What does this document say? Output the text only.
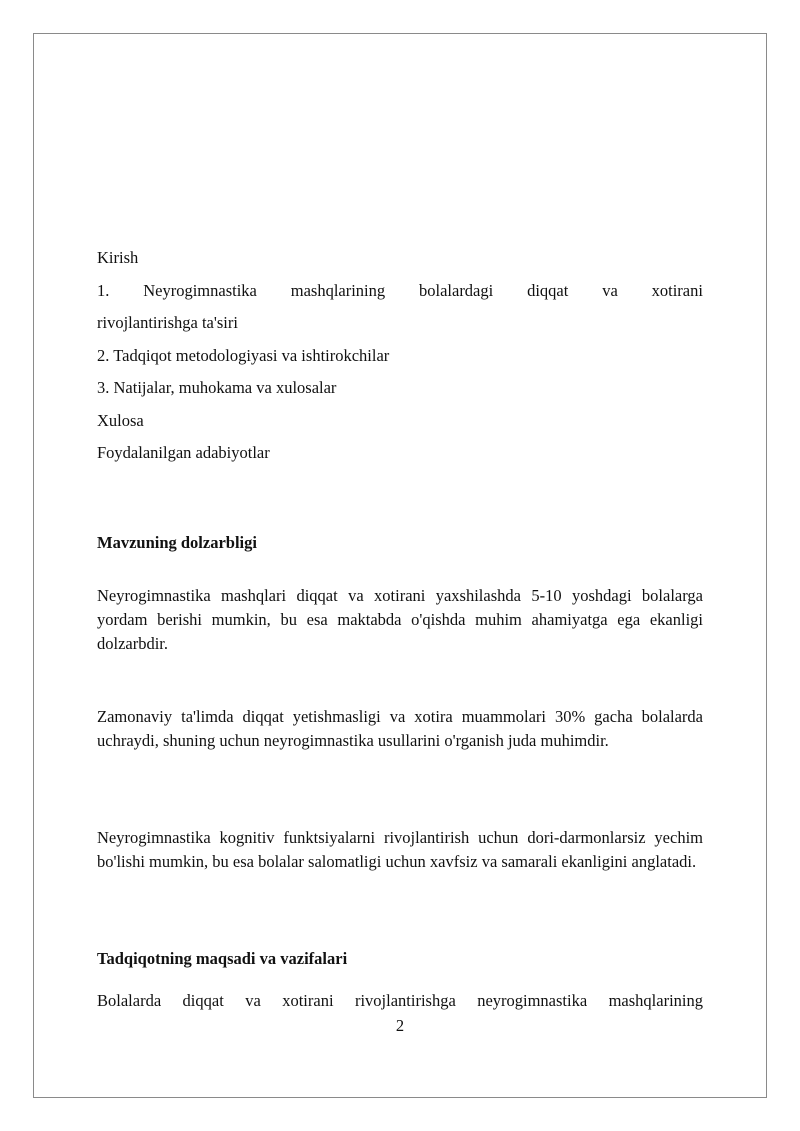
Kirish
1. Neyrogimnastika mashqlarining bolalardagi diqqat va xotirani
rivojlantirishga ta'siri
2. Tadqiqot metodologiyasi va ishtirokchilar
3. Natijalar, muhokama va xulosalar
Xulosa
Foydalanilgan adabiyotlar
Mavzuning dolzarbligi
Neyrogimnastika mashqlari diqqat va xotirani yaxshilashda 5-10 yoshdagi bolalarga yordam berishi mumkin, bu esa maktabda o'qishda muhim ahamiyatga ega ekanligi dolzarbdir.
Zamonaviy ta'limda diqqat yetishmasligi va xotira muammolari 30% gacha bolalarda uchraydi, shuning uchun neyrogimnastika usullarini o'rganish juda muhimdir.
Neyrogimnastika kognitiv funktsiyalarni rivojlantirish uchun dori-darmonlarsiz yechim bo'lishi mumkin, bu esa bolalar salomatligi uchun xavfsiz va samarali ekanligini anglatadi.
Tadqiqotning maqsadi va vazifalari
Bolalarda diqqat va xotirani rivojlantirishga neyrogimnastika mashqlarining
2
